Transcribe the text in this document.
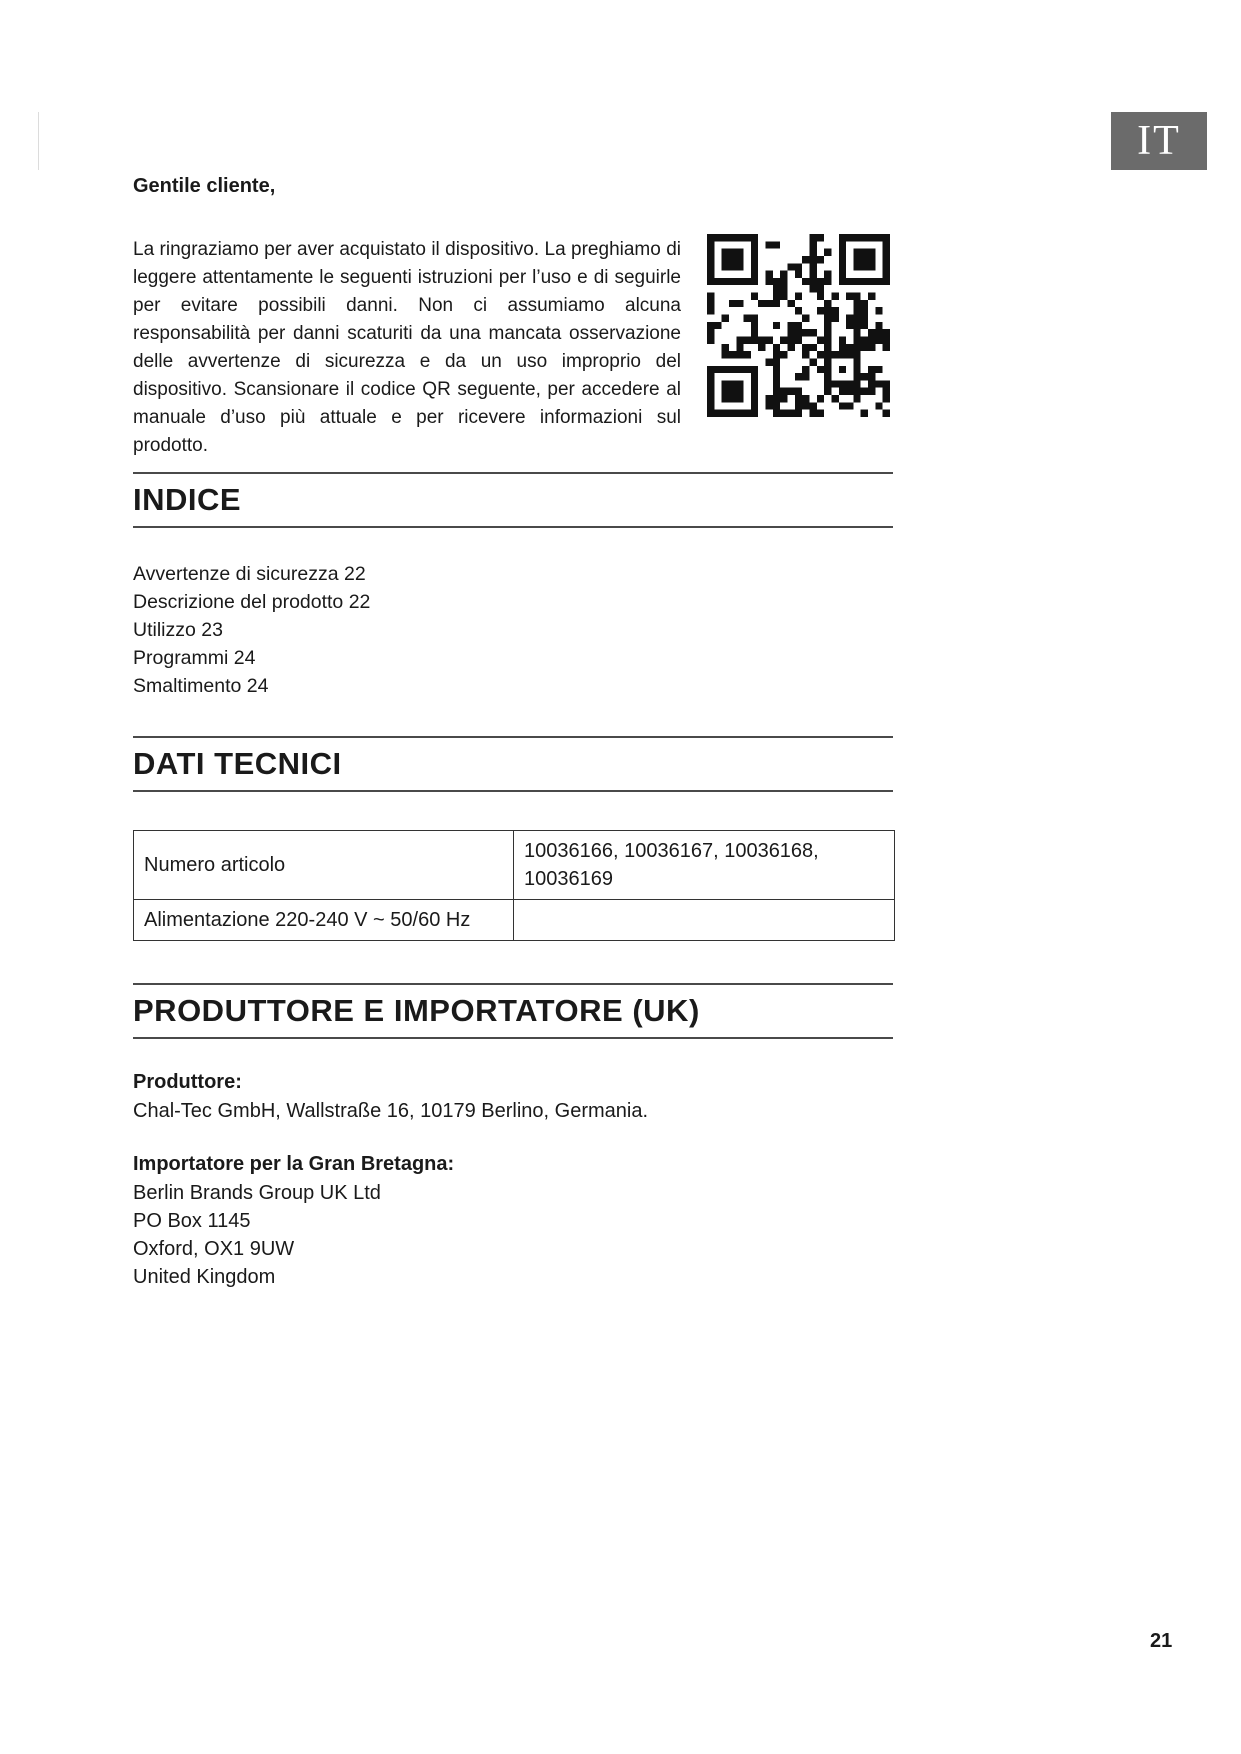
IT

Gentile cliente,

La ringraziamo per aver acquistato il dispositivo. La preghiamo di leggere attentamente le seguenti istruzioni per l’uso e di seguirle per evitare possibili danni. Non ci assumiamo alcuna responsabilità per danni scaturiti da una mancata osservazione delle avvertenze di sicurezza e da un uso improprio del dispositivo. Scansionare il codice QR seguente, per accedere al manuale d’uso più attuale e per ricevere informazioni sul prodotto.

INDICE
Avvertenze di sicurezza 22
Descrizione del prodotto 22
Utilizzo 23
Programmi 24
Smaltimento 24
DATI TECNICI
Numero articolo	10036166, 10036167, 10036168, 10036169
Alimentazione 220-240 V ~ 50/60 Hz	
PRODUTTORE E IMPORTATORE (UK)

Produttore:

Chal-Tec GmbH, Wallstraße 16, 10179 Berlino, Germania.

Importatore per la Gran Bretagna:

Berlin Brands Group UK Ltd

PO Box 1145

Oxford, OX1 9UW

United Kingdom

21
